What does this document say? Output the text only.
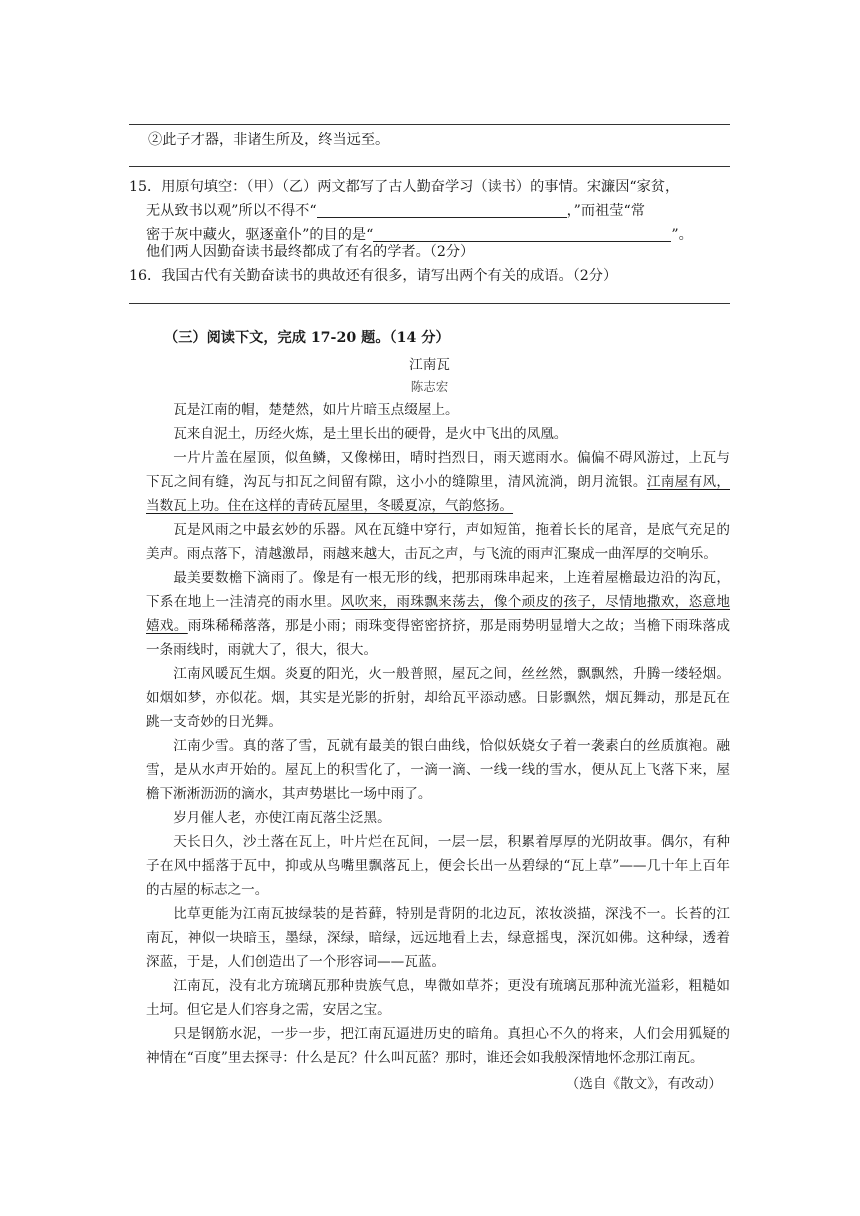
②此子才器，非诸生所及，终当远至。
15．用原句填空：（甲）（乙）两文都写了古人勤奋学习（读书）的事情。宋濂因“家贫，
无从致书以观”所以不得不“	，”而祖莹“常
密于灰中藏火，驱逐童仆”的目的是“	”。
他们两人因勤奋读书最终都成了有名的学者。（2分）
16．我国古代有关勤奋读书的典故还有很多，请写出两个有关的成语。（2分）
（三）阅读下文，完成 17-20 题。（14 分）
江南瓦
陈志宏

瓦是江南的帽，楚楚然，如片片暗玉点缀屋上。

瓦来自泥土，历经火炼，是土里长出的硬骨，是火中飞出的凤凰。

一片片盖在屋顶，似鱼鳞，又像梯田，晴时挡烈日，雨天遮雨水。偏偏不碍风游过，上瓦与下瓦之间有缝，沟瓦与扣瓦之间留有隙，这小小的缝隙里，清风流淌，朗月流银。江南屋有风，当数瓦上功。住在这样的青砖瓦屋里，冬暖夏凉，气韵悠扬。

瓦是风雨之中最玄妙的乐器。风在瓦缝中穿行，声如短笛，拖着长长的尾音，是底气充足的美声。雨点落下，清越激昂，雨越来越大，击瓦之声，与飞流的雨声汇聚成一曲浑厚的交响乐。

最美要数檐下滴雨了。像是有一根无形的线，把那雨珠串起来，上连着屋檐最边沿的沟瓦，下系在地上一洼清亮的雨水里。风吹来，雨珠飘来荡去，像个顽皮的孩子，尽情地撒欢，恣意地嬉戏。雨珠稀稀落落，那是小雨；雨珠变得密密挤挤，那是雨势明显增大之故；当檐下雨珠落成一条雨线时，雨就大了，很大，很大。

江南风暖瓦生烟。炎夏的阳光，火一般普照，屋瓦之间，丝丝然，飘飘然，升腾一缕轻烟。如烟如梦，亦似花。烟，其实是光影的折射，却给瓦平添动感。日影飘然，烟瓦舞动，那是瓦在跳一支奇妙的日光舞。

江南少雪。真的落了雪，瓦就有最美的银白曲线，恰似妖娆女子着一袭素白的丝质旗袍。融雪，是从水声开始的。屋瓦上的积雪化了，一滴一滴、一线一线的雪水，便从瓦上飞落下来，屋檐下淅淅沥沥的滴水，其声势堪比一场中雨了。

岁月催人老，亦使江南瓦落尘泛黑。

天长日久，沙土落在瓦上，叶片烂在瓦间，一层一层，积累着厚厚的光阴故事。偶尔，有种子在风中摇落于瓦中，抑或从鸟嘴里飘落瓦上，便会长出一丛碧绿的“瓦上草”——几十年上百年的古屋的标志之一。

比草更能为江南瓦披绿装的是苔藓，特别是背阴的北边瓦，浓妆淡描，深浅不一。长苔的江南瓦，神似一块暗玉，墨绿，深绿，暗绿，远远地看上去，绿意摇曳，深沉如佛。这种绿，透着深蓝，于是，人们创造出了一个形容词——瓦蓝。

江南瓦，没有北方琉璃瓦那种贵族气息，卑微如草芥；更没有琉璃瓦那种流光溢彩，粗糙如土坷。但它是人们容身之需，安居之宝。

只是钢筋水泥，一步一步，把江南瓦逼进历史的暗角。真担心不久的将来，人们会用狐疑的神情在“百度”里去探寻：什么是瓦？什么叫瓦蓝？那时，谁还会如我般深情地怀念那江南瓦。

（选自《散文》，有改动）
